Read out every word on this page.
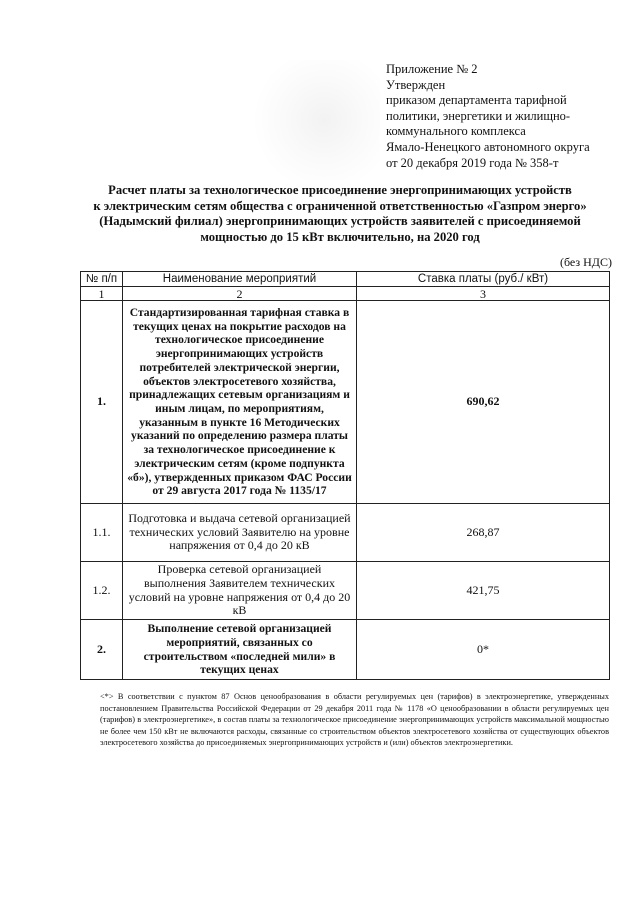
Приложение № 2
Утвержден
приказом департамента тарифной
политики, энергетики и жилищно-
коммунального комплекса
Ямало-Ненецкого автономного округа
от 20 декабря 2019 года № 358-т
Расчет платы за технологическое присоединение энергопринимающих устройств
к электрическим сетям общества с ограниченной ответственностью «Газпром энерго»
(Надымский филиал) энергопринимающих устройств заявителей с присоединяемой
мощностью до 15 кВт включительно, на 2020 год
(без НДС)
№ п/п	Наименование мероприятий	Ставка платы (руб./ кВт)
1	2	3
1.	Стандартизированная тарифная ставка в текущих ценах на покрытие расходов на технологическое присоединение энергопринимающих устройств потребителей электрической энергии, объектов электросетевого хозяйства, принадлежащих сетевым организациям и иным лицам, по мероприятиям, указанным в пункте 16 Методических указаний по определению размера платы за технологическое присоединение к электрическим сетям (кроме подпункта «б»), утвержденных приказом ФАС России от 29 августа 2017 года № 1135/17	690,62
1.1.	Подготовка и выдача сетевой организацией технических условий Заявителю на уровне напряжения от 0,4 до 20 кВ	268,87
1.2.	Проверка сетевой организацией выполнения Заявителем технических условий на уровне напряжения от 0,4 до 20 кВ	421,75
2.	Выполнение сетевой организацией мероприятий, связанных со строительством «последней мили» в текущих ценах	0*
<*> В соответствии с пунктом 87 Основ ценообразования в области регулируемых цен (тарифов) в электроэнергетике, утвержденных постановлением Правительства Российской Федерации от 29 декабря 2011 года № 1178 «О ценообразовании в области регулируемых цен (тарифов) в электроэнергетике», в состав платы за технологическое присоединение энергопринимающих устройств максимальной мощностью не более чем 150 кВт не включаются расходы, связанные со строительством объектов электросетевого хозяйства от существующих объектов электросетевого хозяйства до присоединяемых энергопринимающих устройств и (или) объектов электроэнергетики.
